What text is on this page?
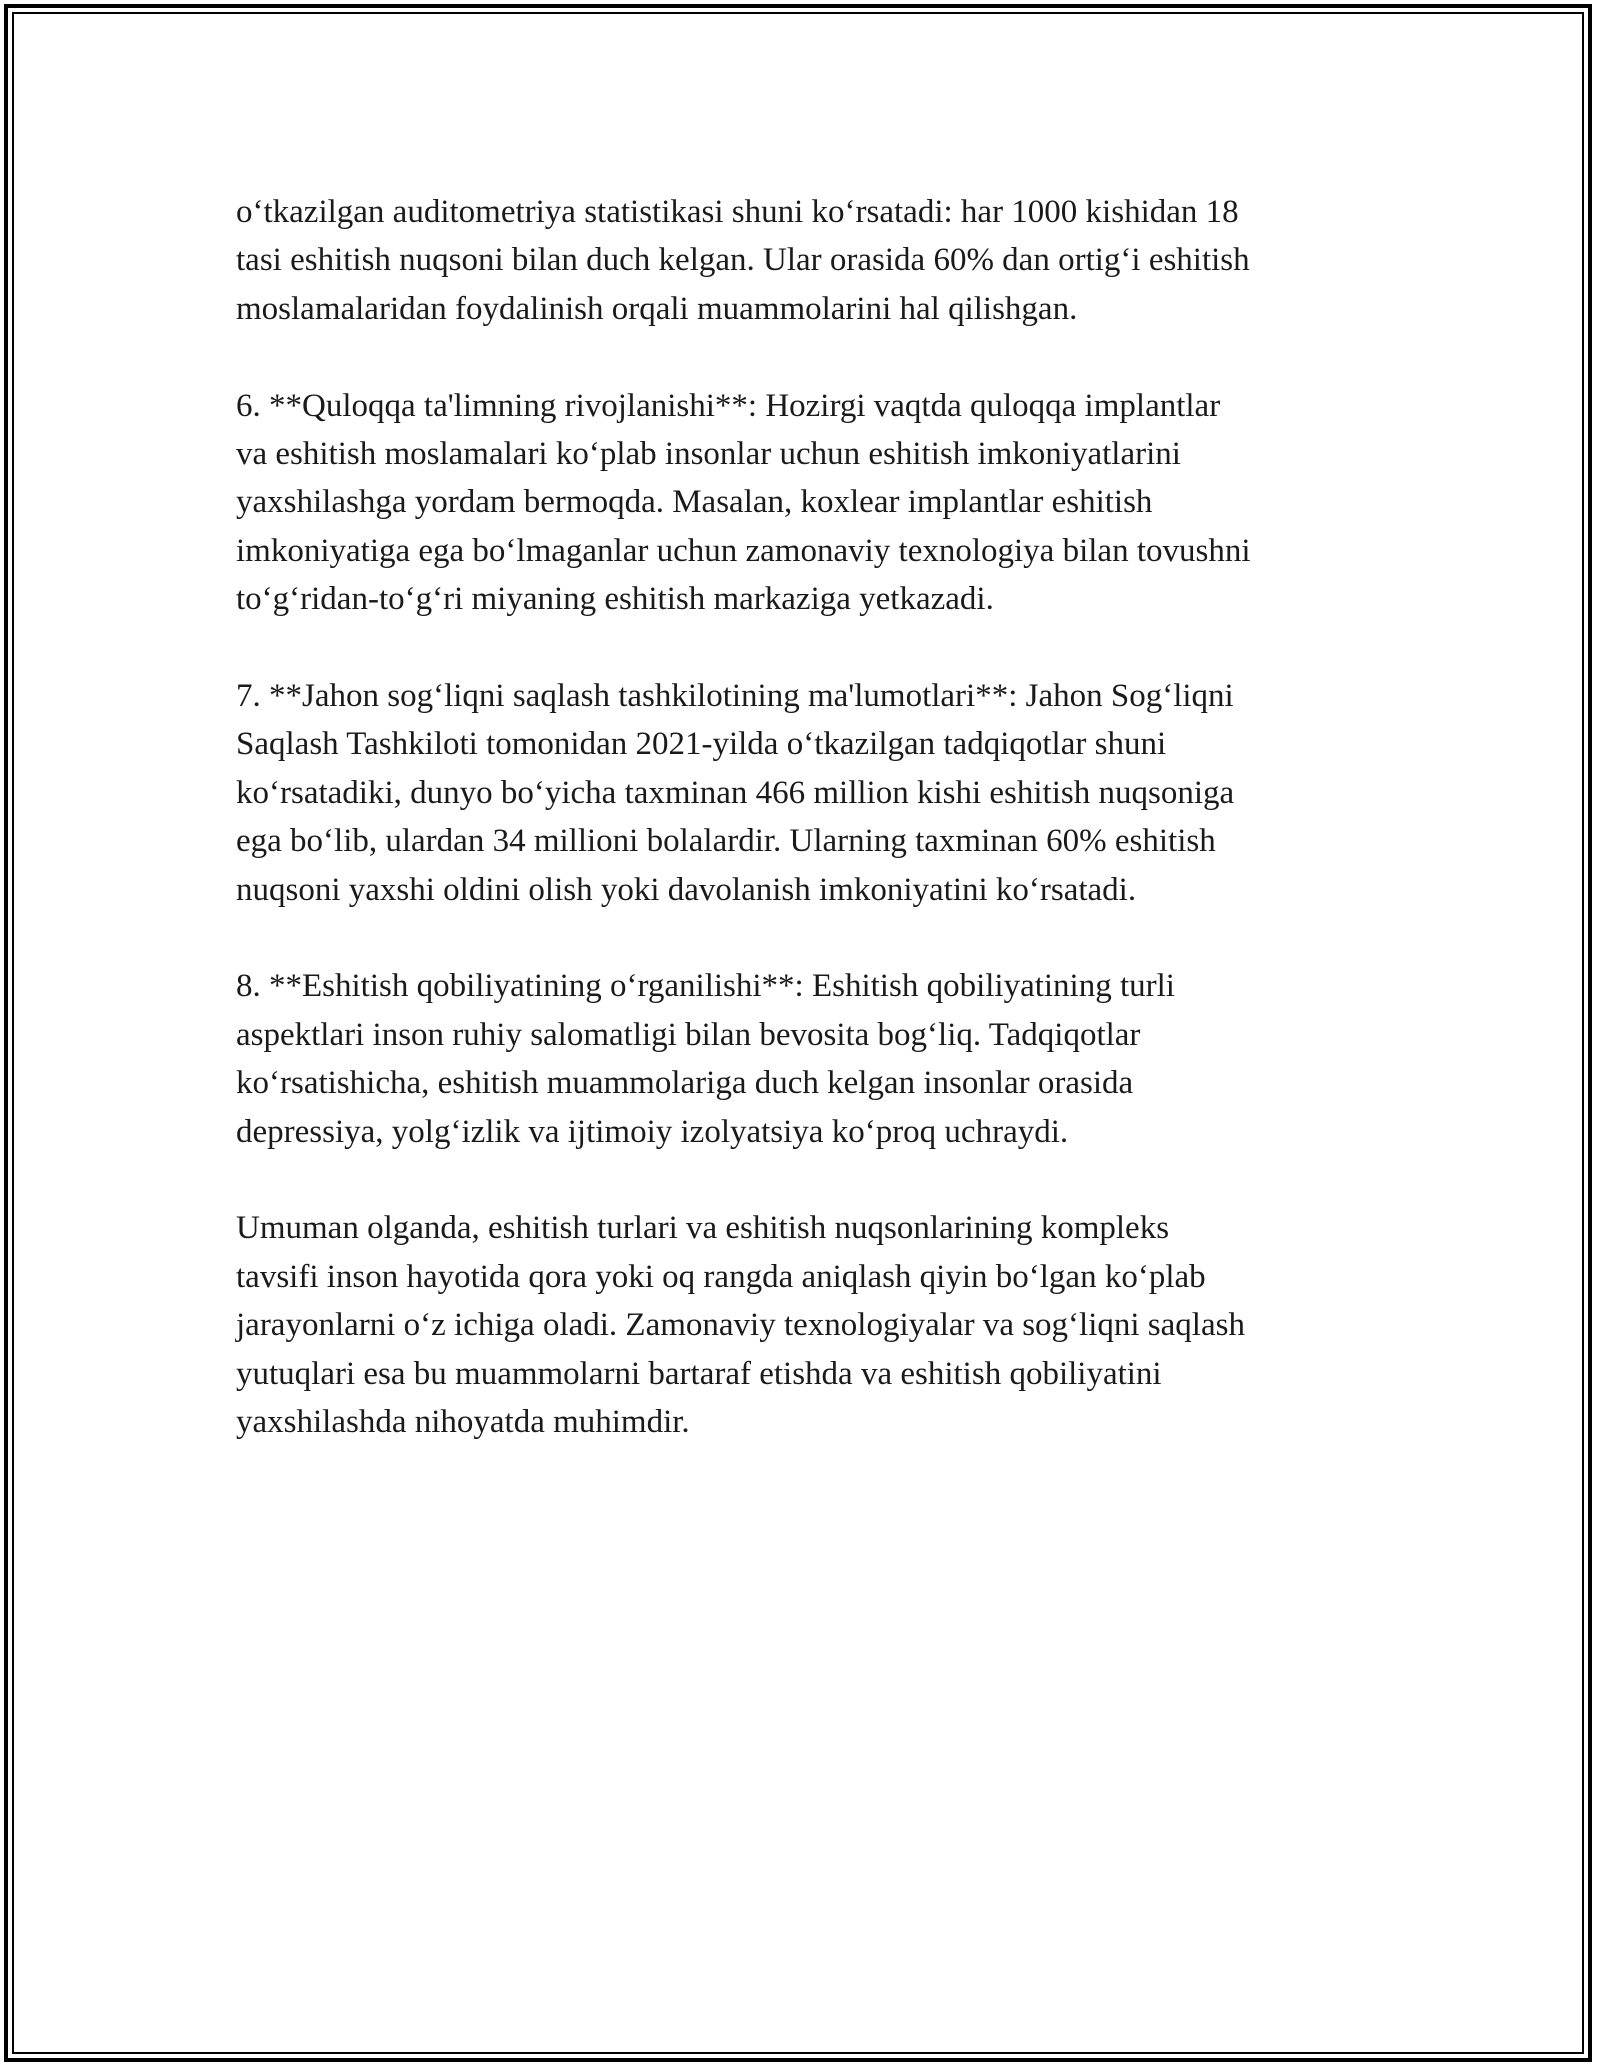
o‘tkazilgan auditometriya statistikasi shuni ko‘rsatadi: har 1000 kishidan 18
tasi eshitish nuqsoni bilan duch kelgan. Ular orasida 60% dan ortig‘i eshitish
moslamalaridan foydalinish orqali muammolarini hal qilishgan.

6. **Quloqqa ta'limning rivojlanishi**: Hozirgi vaqtda quloqqa implantlar
va eshitish moslamalari ko‘plab insonlar uchun eshitish imkoniyatlarini
yaxshilashga yordam bermoqda. Masalan, koxlear implantlar eshitish
imkoniyatiga ega bo‘lmaganlar uchun zamonaviy texnologiya bilan tovushni
to‘g‘ridan-to‘g‘ri miyaning eshitish markaziga yetkazadi.

7. **Jahon sog‘liqni saqlash tashkilotining ma'lumotlari**: Jahon Sog‘liqni
Saqlash Tashkiloti tomonidan 2021-yilda o‘tkazilgan tadqiqotlar shuni
ko‘rsatadiki, dunyo bo‘yicha taxminan 466 million kishi eshitish nuqsoniga
ega bo‘lib, ulardan 34 millioni bolalardir. Ularning taxminan 60% eshitish
nuqsoni yaxshi oldini olish yoki davolanish imkoniyatini ko‘rsatadi.

8. **Eshitish qobiliyatining o‘rganilishi**: Eshitish qobiliyatining turli
aspektlari inson ruhiy salomatligi bilan bevosita bog‘liq. Tadqiqotlar
ko‘rsatishicha, eshitish muammolariga duch kelgan insonlar orasida
depressiya, yolg‘izlik va ijtimoiy izolyatsiya ko‘proq uchraydi.

Umuman olganda, eshitish turlari va eshitish nuqsonlarining kompleks
tavsifi inson hayotida qora yoki oq rangda aniqlash qiyin bo‘lgan ko‘plab
jarayonlarni o‘z ichiga oladi. Zamonaviy texnologiyalar va sog‘liqni saqlash
yutuqlari esa bu muammolarni bartaraf etishda va eshitish qobiliyatini
yaxshilashda nihoyatda muhimdir.
